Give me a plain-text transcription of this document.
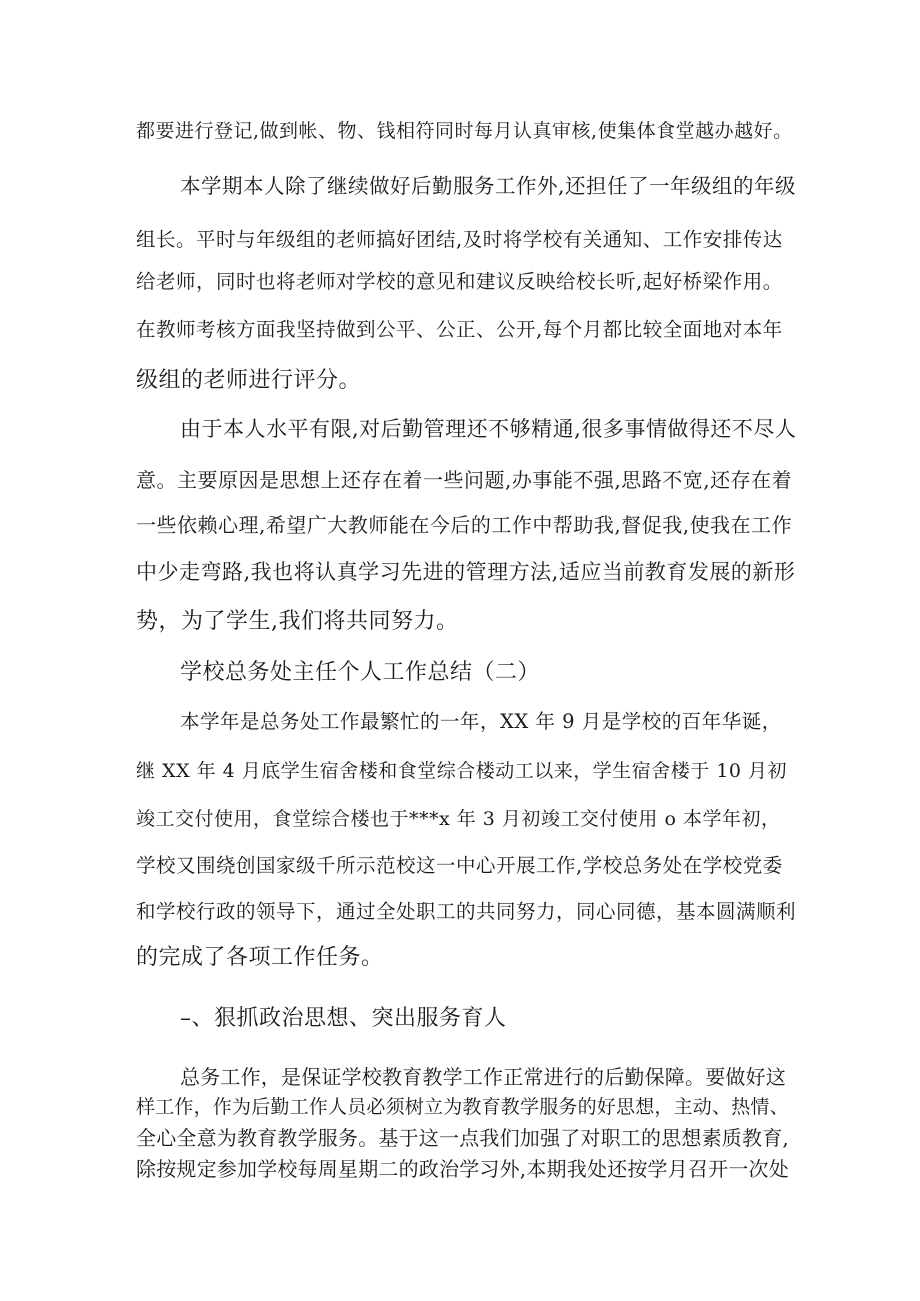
都要进行登记,做到帐、物、钱相符同时每月认真审核,使集体食堂越办越好。
本学期本人除了继续做好后勤服务工作外,还担任了一年级组的年级
组长。平时与年级组的老师搞好团结,及时将学校有关通知、工作安排传达
给老师，同时也将老师对学校的意见和建议反映给校长听,起好桥梁作用。
在教师考核方面我坚持做到公平、公正、公开,每个月都比较全面地对本年
级组的老师进行评分。
由于本人水平有限,对后勤管理还不够精通,很多事情做得还不尽人
意。主要原因是思想上还存在着一些问题,办事能不强,思路不宽,还存在着
一些依赖心理,希望广大教师能在今后的工作中帮助我,督促我,使我在工作
中少走弯路,我也将认真学习先进的管理方法,适应当前教育发展的新形
势，为了学生,我们将共同努力。
学校总务处主任个人工作总结（二）
本学年是总务处工作最繁忙的一年，XX 年 9 月是学校的百年华诞，
继 XX 年 4 月底学生宿舍楼和食堂综合楼动工以来，学生宿舍楼于 10 月初
竣工交付使用，食堂综合楼也于***x 年 3 月初竣工交付使用 o 本学年初，
学校又围绕创国家级千所示范校这一中心开展工作,学校总务处在学校党委
和学校行政的领导下，通过全处职工的共同努力，同心同德，基本圆满顺利
的完成了各项工作任务。
–、狠抓政治思想、突出服务育人
总务工作，是保证学校教育教学工作正常进行的后勤保障。要做好这
样工作，作为后勤工作人员必须树立为教育教学服务的好思想，主动、热情、
全心全意为教育教学服务。基于这一点我们加强了对职工的思想素质教育,
除按规定参加学校每周星期二的政治学习外,本期我处还按学月召开一次处
